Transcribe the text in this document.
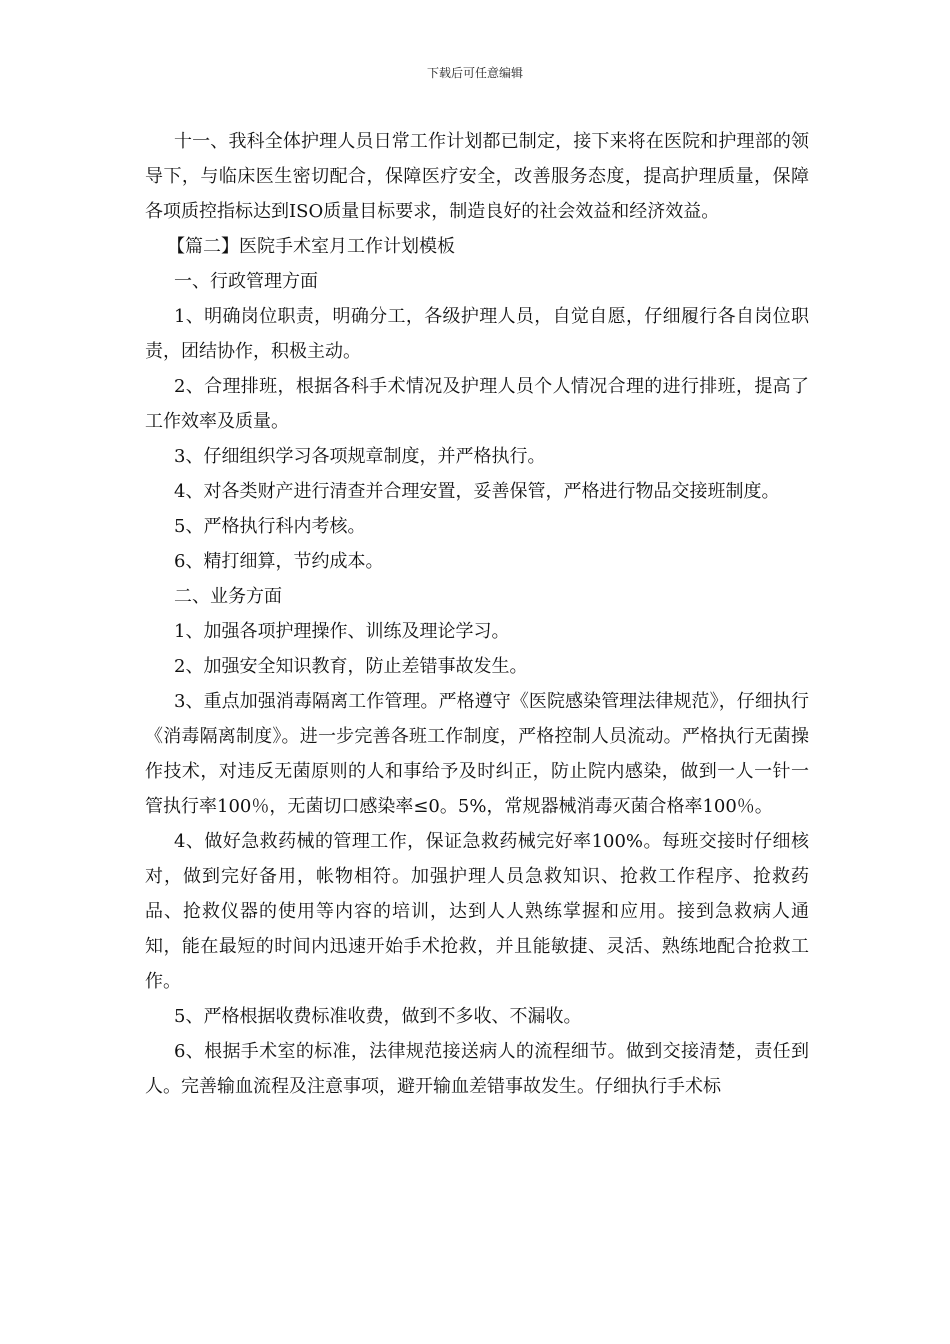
下载后可任意编辑

十一、我科全体护理人员日常工作计划都已制定，接下来将在医院和护理部的领导下，与临床医生密切配合，保障医疗安全，改善服务态度，提高护理质量，保障各项质控指标达到ISO质量目标要求，制造良好的社会效益和经济效益。

【篇二】医院手术室月工作计划模板

一、行政管理方面

1、明确岗位职责，明确分工，各级护理人员，自觉自愿，仔细履行各自岗位职责，团结协作，积极主动。

2、合理排班，根据各科手术情况及护理人员个人情况合理的进行排班，提高了工作效率及质量。

3、仔细组织学习各项规章制度，并严格执行。

4、对各类财产进行清查并合理安置，妥善保管，严格进行物品交接班制度。

5、严格执行科内考核。

6、精打细算，节约成本。

二、业务方面

1、加强各项护理操作、训练及理论学习。

2、加强安全知识教育，防止差错事故发生。

3、重点加强消毒隔离工作管理。严格遵守《医院感染管理法律规范》，仔细执行《消毒隔离制度》。进一步完善各班工作制度，严格控制人员流动。严格执行无菌操作技术，对违反无菌原则的人和事给予及时纠正，防止院内感染，做到一人一针一管执行率100％，无菌切口感染率≤0。5%，常规器械消毒灭菌合格率100％。

4、做好急救药械的管理工作，保证急救药械完好率100%。每班交接时仔细核对，做到完好备用，帐物相符。加强护理人员急救知识、抢救工作程序、抢救药品、抢救仪器的使用等内容的培训，达到人人熟练掌握和应用。接到急救病人通知，能在最短的时间内迅速开始手术抢救，并且能敏捷、灵活、熟练地配合抢救工作。

5、严格根据收费标准收费，做到不多收、不漏收。

6、根据手术室的标准，法律规范接送病人的流程细节。做到交接清楚，责任到人。完善输血流程及注意事项，避开输血差错事故发生。仔细执行手术标
